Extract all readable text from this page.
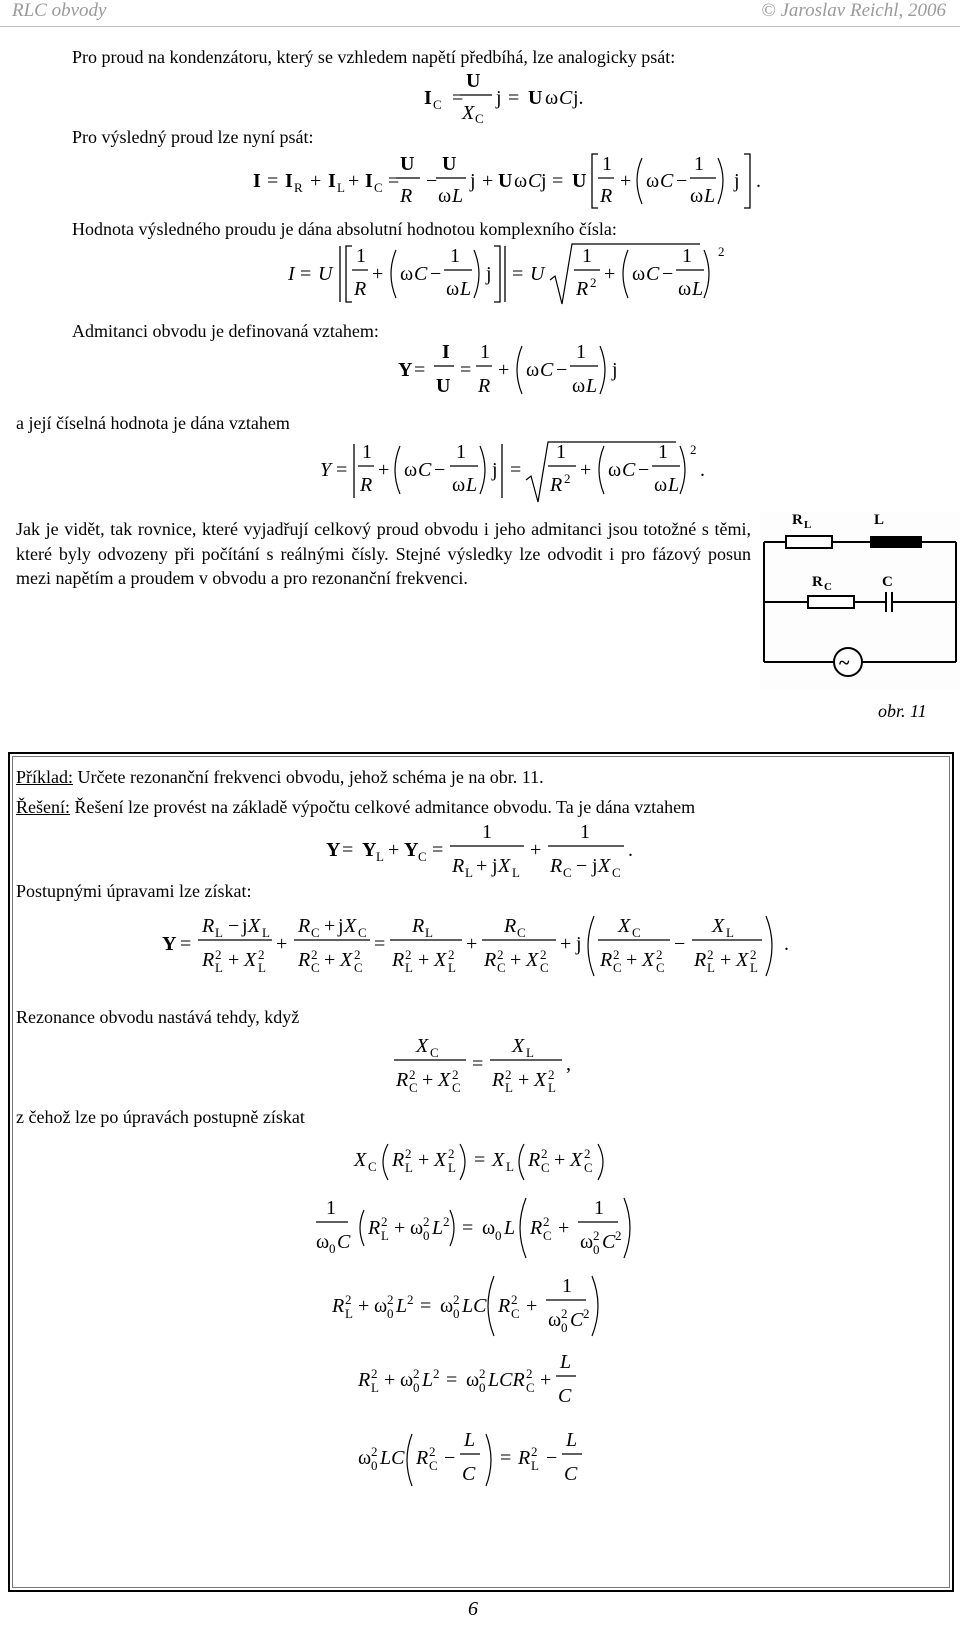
RLC obvody	© Jaroslav Reichl, 2006
Pro proud na kondenzátoru, který se vzhledem napětí předbíhá, lze analogicky psát:
I C =
U
X C
j = U ω C j.
Pro výsledný proud lze nyní psát:
I = I R + I L + I C =
U
R
−
U
ω L
j + U ω C j = U
1
R
+ ω C −
1
ω L
j .
Hodnota výsledného proudu je dána absolutní hodnotou komplexního čísla:
I = U
1
R
+ ω C −
1
ω L
j = U
1
R 2 + ω C −
1
ω L
2
Admitanci obvodu je definovaná vztahem:
Y =
I
U
=
1
R
+ ω C −
1
ω L
j
a její číselná hodnota je dána vztahem
Y =
1
R
+ ω C −
1
ω L
j =
1
R 2 + ω C −
1
ω L
2
.
Jak je vidět, tak rovnice, které vyjadřují celkový proud obvodu i jeho admitanci jsou totožné s těmi, které byly odvozeny při počítání s reálnými čísly. Stejné výsledky lze odvodit i pro fázový posun mezi napětím a proudem v obvodu a pro rezonanční frekvenci.
R L	L
R C	C
~
obr. 11
Příklad: Určete rezonanční frekvenci obvodu, jehož schéma je na obr. 11.
Řešení: Řešení lze provést na základě výpočtu celkové admitance obvodu. Ta je dána vztahem
Y = Y L + Y C =
1
R L + j X L
+
1
R C − j X C
.
Postupnými úpravami lze získat:
Y =
R L − j X L
R 2
L + X 2
L
+
R C + j X C
R 2
C + X 2
C
=
R L
R 2
L + X 2
L
+
R C
R 2
C + X 2
C
+ j
X C
R 2
C + X 2
C
−
X L
R 2
L + X 2
L
.
Rezonance obvodu nastává tehdy, když
X C
R 2
C + X 2
C
=
X L
R 2
L + X 2
L
,
z čehož lze po úpravách postupně získat
X C R 2
L + X 2
L = X L R 2
C + X 2
C
1
ω 0 C
R 2
L + ω 2
0 L 2 = ω 0 L R 2
C +
1
ω 2
0 C 2
R 2
L + ω 2
0 L 2 = ω 2
0 LC R 2
C +
1
ω 2
0 C 2
R 2
L + ω 2
0 L 2 = ω 2
0 LCR 2
C +
L
C
ω 2
0 LC R 2
C −
L
C
= R 2
L −
L
C
6
